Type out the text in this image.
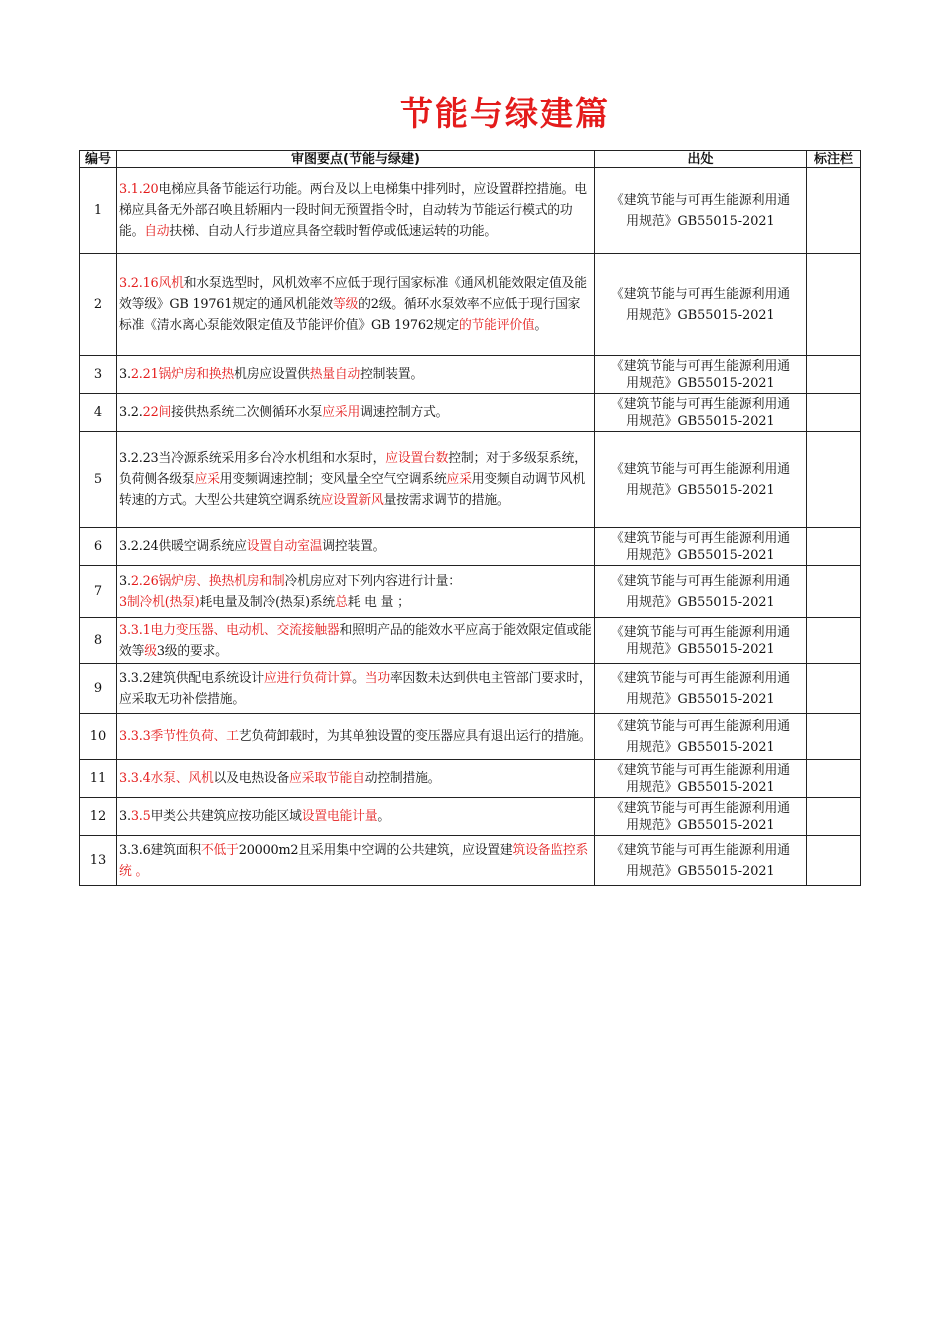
节能与绿建篇
编号	审图要点(节能与绿建)	出处	标注栏
1	3.1.20电梯应具备节能运行功能。两台及以上电梯集中排列时，应设置群控措施。电梯应具备无外部召唤且轿厢内一段时间无预置指令时，自动转为节能运行模式的功能。自动扶梯、自动人行步道应具备空载时暂停或低速运转的功能。	《建筑节能与可再生能源利用通
用规范》GB55015-2021	
2	3.2.16风机和水泵选型时，风机效率不应低于现行国家标准《通风机能效限定值及能效等级》GB 19761规定的通风机能效等级的2级。循环水泵效率不应低于现行国家标准《清水离心泵能效限定值及节能评价值》GB 19762规定的节能评价值。	《建筑节能与可再生能源利用通
用规范》GB55015-2021	
3	3.2.21锅炉房和换热机房应设置供热量自动控制装置。	《建筑节能与可再生能源利用通
用规范》GB55015-2021	
4	3.2.22间接供热系统二次侧循环水泵应采用调速控制方式。	《建筑节能与可再生能源利用通
用规范》GB55015-2021	
5	3.2.23当冷源系统采用多台冷水机组和水泵时，应设置台数控制；对于多级泵系统，负荷侧各级泵应采用变频调速控制；变风量全空气空调系统应采用变频自动调节风机转速的方式。大型公共建筑空调系统应设置新风量按需求调节的措施。	《建筑节能与可再生能源利用通
用规范》GB55015-2021	
6	3.2.24供暖空调系统应设置自动室温调控装置。	《建筑节能与可再生能源利用通
用规范》GB55015-2021	
7	3.2.26锅炉房、换热机房和制冷机房应对下列内容进行计量：
3制冷机(热泵)耗电量及制冷(热泵)系统总耗 电 量 ；	《建筑节能与可再生能源利用通
用规范》GB55015-2021	
8	3.3.1电力变压器、电动机、交流接触器和照明产品的能效水平应高于能效限定值或能效等级3级的要求。	《建筑节能与可再生能源利用通
用规范》GB55015-2021	
9	3.3.2建筑供配电系统设计应进行负荷计算。当功率因数未达到供电主管部门要求时，应采取无功补偿措施。	《建筑节能与可再生能源利用通
用规范》GB55015-2021	
10	3.3.3季节性负荷、工艺负荷卸载时，为其单独设置的变压器应具有退出运行的措施。	《建筑节能与可再生能源利用通
用规范》GB55015-2021	
11	3.3.4水泵、风机以及电热设备应采取节能自动控制措施。	《建筑节能与可再生能源利用通
用规范》GB55015-2021	
12	3.3.5甲类公共建筑应按功能区域设置电能计量。	《建筑节能与可再生能源利用通
用规范》GB55015-2021	
13	3.3.6建筑面积不低于20000m2且采用集中空调的公共建筑，应设置建筑设备监控系统 。	《建筑节能与可再生能源利用通
用规范》GB55015-2021	
